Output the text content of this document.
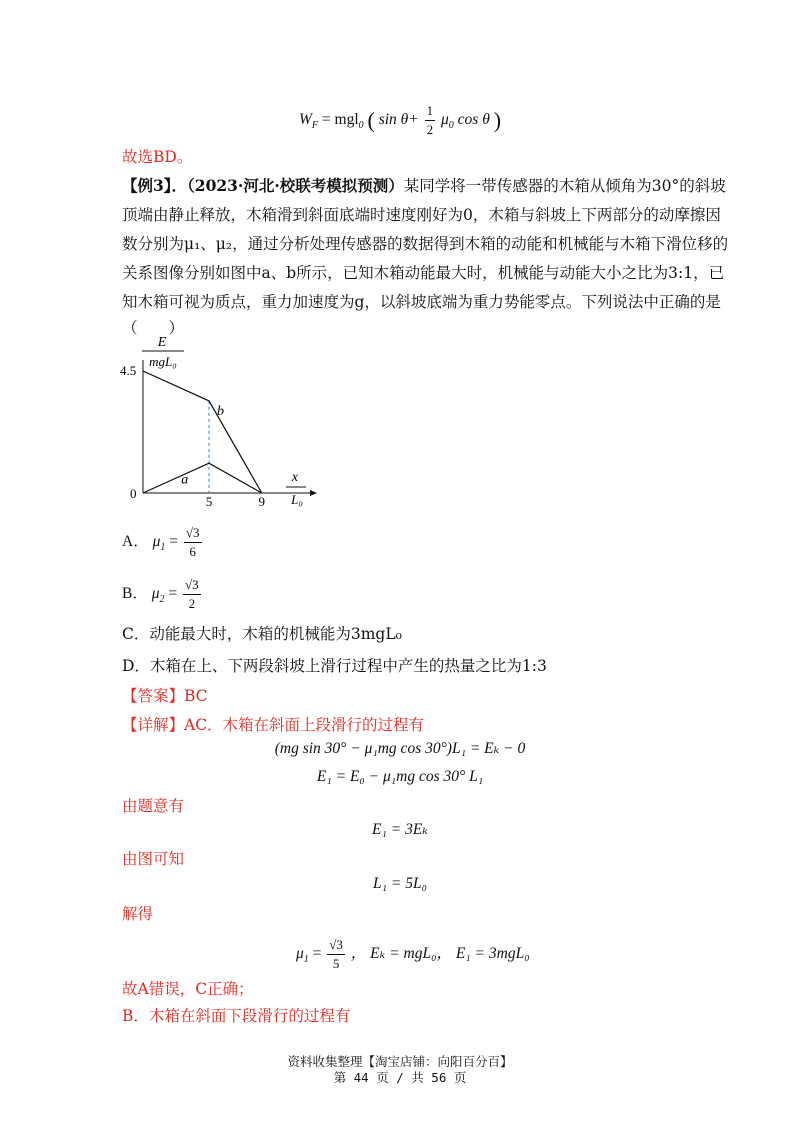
$W_F = mgl_0$ ( $\sin \theta+ \frac{1}{2} \mu_0$ cos θ )
故选BD。
【例3】．（2023·河北·校联考模拟预测）某同学将一带传感器的木箱从倾角为30°的斜坡
顶端由静止释放，木箱滑到斜面底端时速度刚好为0，木箱与斜坡上下两部分的动摩擦因
数分别为μ₁、μ₂，通过分析处理传感器的数据得到木箱的动能和机械能与木箱下滑位移的
关系图像分别如图中a、b所示，已知木箱动能最大时，机械能与动能大小之比为3:1，已
知木箱可视为质点，重力加速度为g，以斜坡底端为重力势能零点。下列说法中正确的是
（　　）
E
mgL₀
4.5
0
x
L₀
b
a
5	9
A． $\mu_1 = \frac{√3}{6}$
B． $\mu_2 = \frac{√3}{2}$
C．动能最大时，木箱的机械能为3mgL₀
D．木箱在上、下两段斜坡上滑行过程中产生的热量之比为1:3
【答案】BC
【详解】AC．木箱在斜面上段滑行的过程有
(mg sin 30° − μ₁mg cos 30°)L₁ = Eₖ − 0
E₁ = E₀ − μ₁mg cos 30° L₁
由题意有
E₁ = 3Eₖ
由图可知
L₁ = 5L₀
解得
$\mu_1 = \frac{√3}{5}$ ， Eₖ = mgL₀， E₁ = 3mgL₀
故A错误，C正确；
B．木箱在斜面下段滑行的过程有
资料收集整理【淘宝店铺：向阳百分百】
第 44 页 / 共 56 页
